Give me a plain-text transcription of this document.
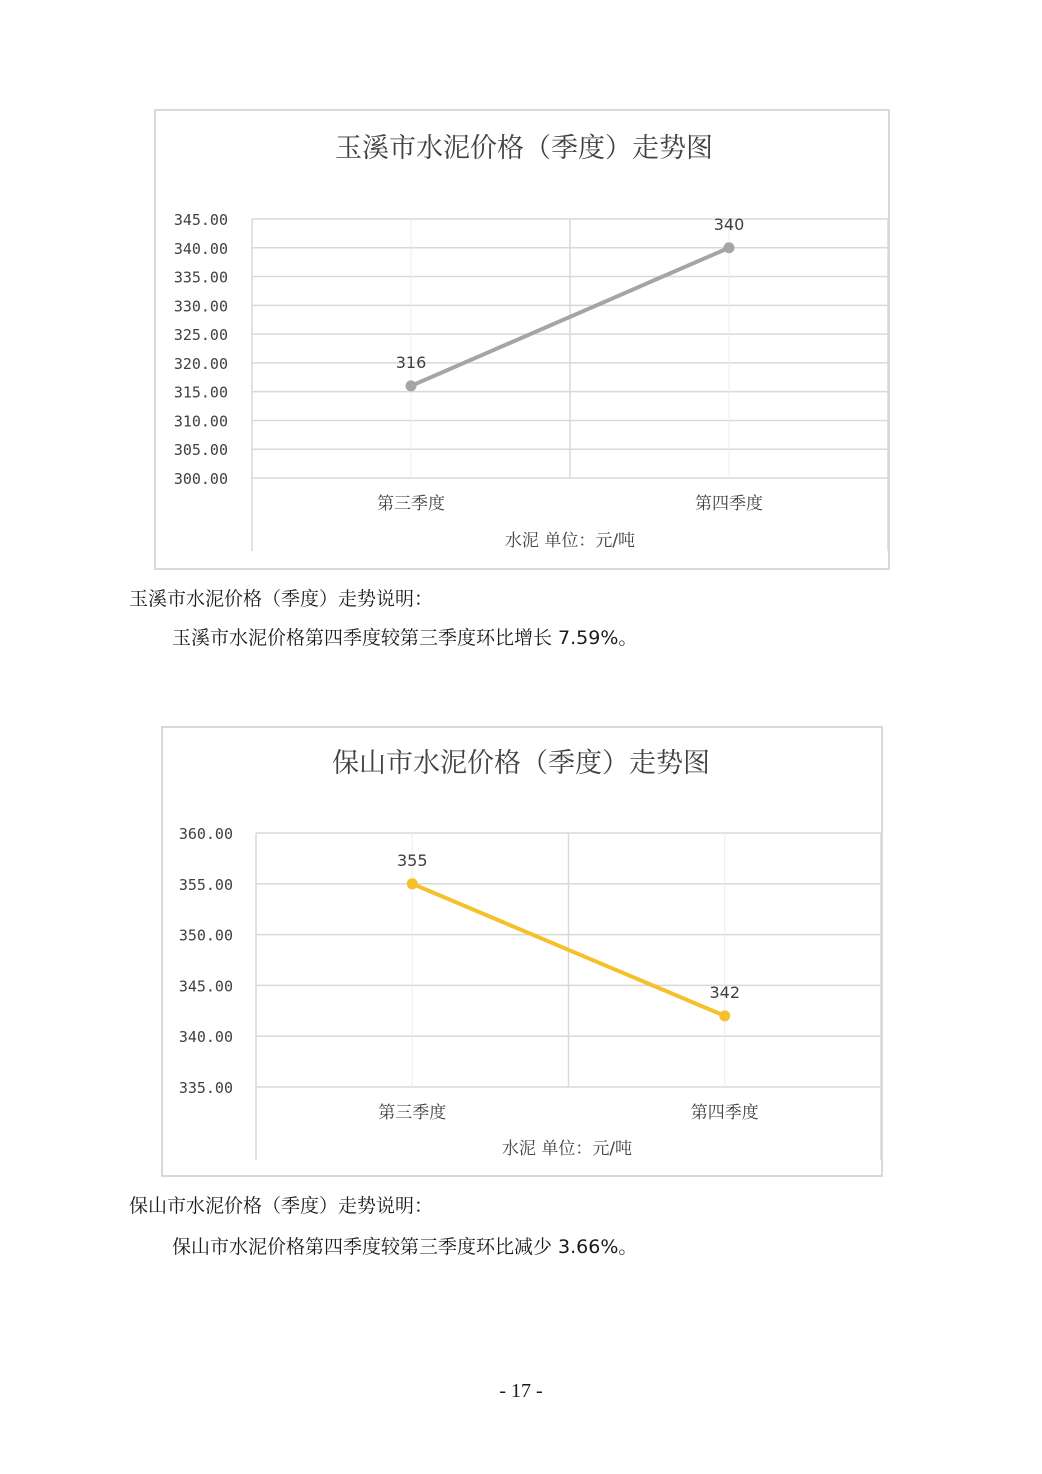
玉溪市水泥价格（季度）走势图
345.00
340.00
335.00
330.00
325.00
320.00
315.00
310.00
305.00
300.00
第三季度	第四季度
水泥 单位：元/吨
316
340
玉溪市水泥价格（季度）走势说明：
玉溪市水泥价格第四季度较第三季度环比增长 7.59%。
保山市水泥价格（季度）走势图
360.00
355.00
350.00
345.00
340.00
335.00
第三季度	第四季度
水泥 单位：元/吨
355
342
保山市水泥价格（季度）走势说明：
保山市水泥价格第四季度较第三季度环比减少 3.66%。
- 17 -
